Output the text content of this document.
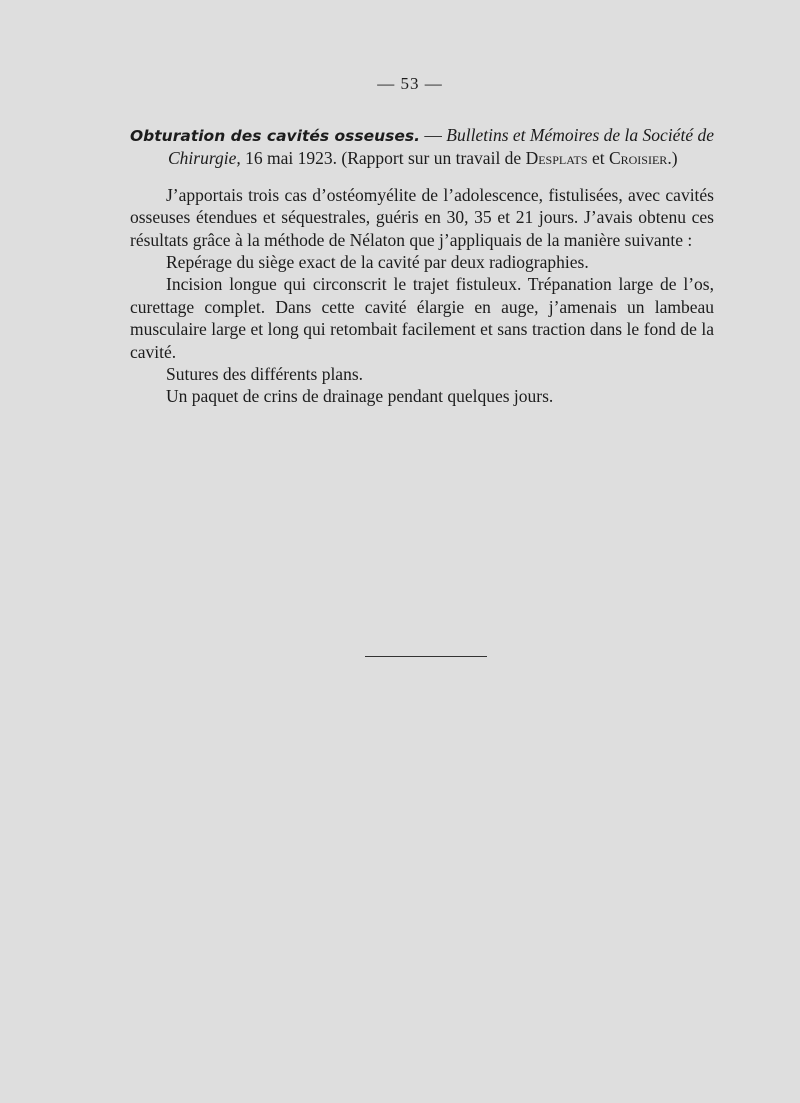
— 53 —

Obturation des cavités osseuses. — Bulletins et Mémoires de la Société de Chirurgie, 16 mai 1923. (Rapport sur un travail de Desplats et Croisier.)

J’apportais trois cas d’ostéomyélite de l’adolescence, fistulisées, avec cavités osseuses étendues et séquestrales, guéris en 30, 35 et 21 jours. J’avais obtenu ces résultats grâce à la méthode de Nélaton que j’appliquais de la manière suivante :

Repérage du siège exact de la cavité par deux radiographies.

Incision longue qui circonscrit le trajet fistuleux. Trépanation large de l’os, curettage complet. Dans cette cavité élargie en auge, j’amenais un lambeau musculaire large et long qui retombait facilement et sans traction dans le fond de la cavité.

Sutures des différents plans.

Un paquet de crins de drainage pendant quelques jours.
